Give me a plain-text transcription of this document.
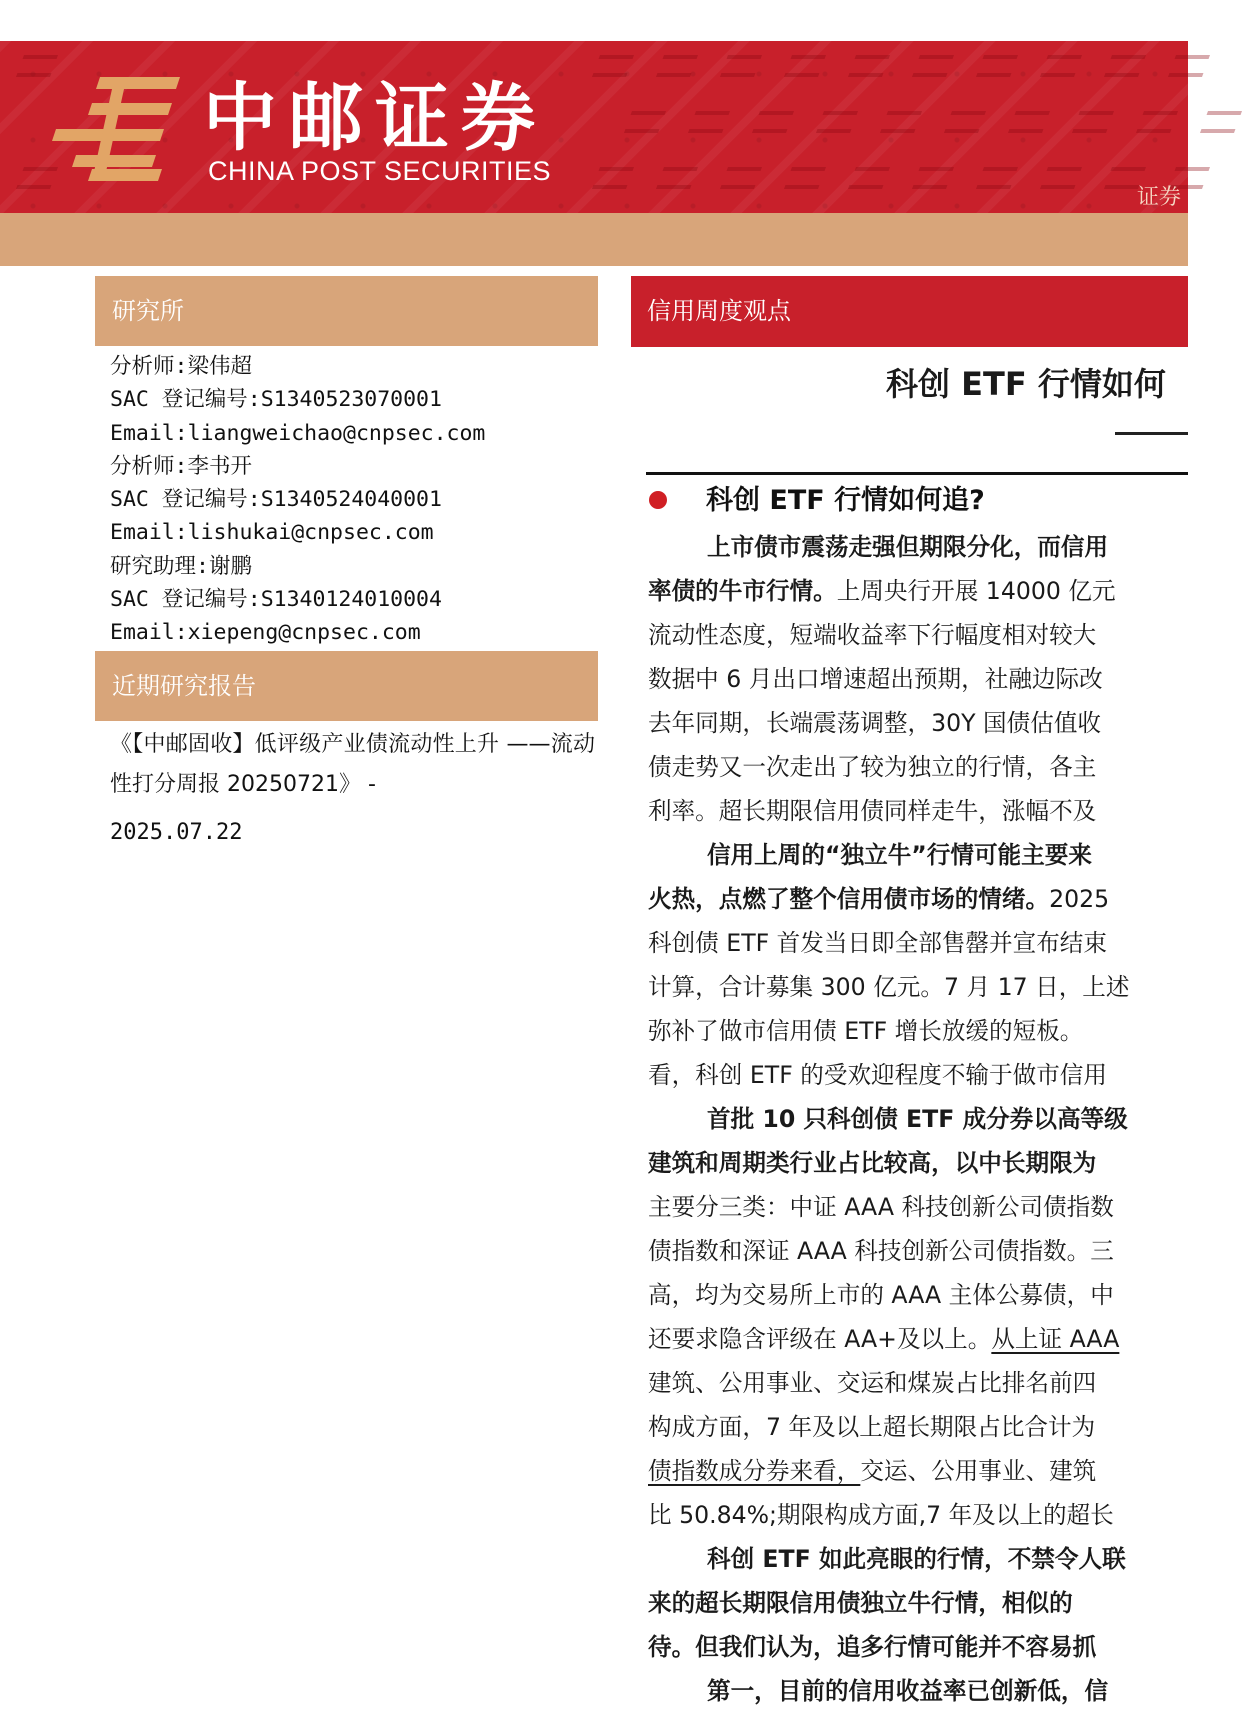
中邮证券
CHINA POST SECURITIES
证券
研究所
分析师:梁伟超
SAC 登记编号:S1340523070001
Email:liangweichao@cnpsec.com
分析师:李书开
SAC 登记编号:S1340524040001
Email:lishukai@cnpsec.com
研究助理:谢鹏
SAC 登记编号:S1340124010004
Email:xiepeng@cnpsec.com
近期研究报告
《【中邮固收】低评级产业债流动性上升 ——流动性打分周报 20250721》 -
2025.07.22
信用周度观点
科创 ETF 行情如何
科创 ETF 行情如何追?
上市债市震荡走强但期限分化，而信用
率债的牛市行情。上周央行开展 14000 亿元
流动性态度，短端收益率下行幅度相对较大
数据中 6 月出口增速超出预期，社融边际改
去年同期，长端震荡调整，30Y 国债估值收
债走势又一次走出了较为独立的行情，各主
利率。超长期限信用债同样走牛，涨幅不及
信用上周的“独立牛”行情可能主要来
火热，点燃了整个信用债市场的情绪。2025
科创债 ETF 首发当日即全部售罄并宣布结束
计算，合计募集 300 亿元。7 月 17 日，上述
弥补了做市信用债 ETF 增长放缓的短板。
看，科创 ETF 的受欢迎程度不输于做市信用
首批 10 只科创债 ETF 成分券以高等级
建筑和周期类行业占比较高，以中长期限为
主要分三类：中证 AAA 科技创新公司债指数
债指数和深证 AAA 科技创新公司债指数。三
高，均为交易所上市的 AAA 主体公募债，中
还要求隐含评级在 AA+及以上。从上证 AAA
建筑、公用事业、交运和煤炭占比排名前四
构成方面，7 年及以上超长期限占比合计为
债指数成分券来看，交运、公用事业、建筑
比 50.84%;期限构成方面,7 年及以上的超长
科创 ETF 如此亮眼的行情，不禁令人联
来的超长期限信用债独立牛行情，相似的
待。但我们认为，追多行情可能并不容易抓
第一，目前的信用收益率已创新低，信
